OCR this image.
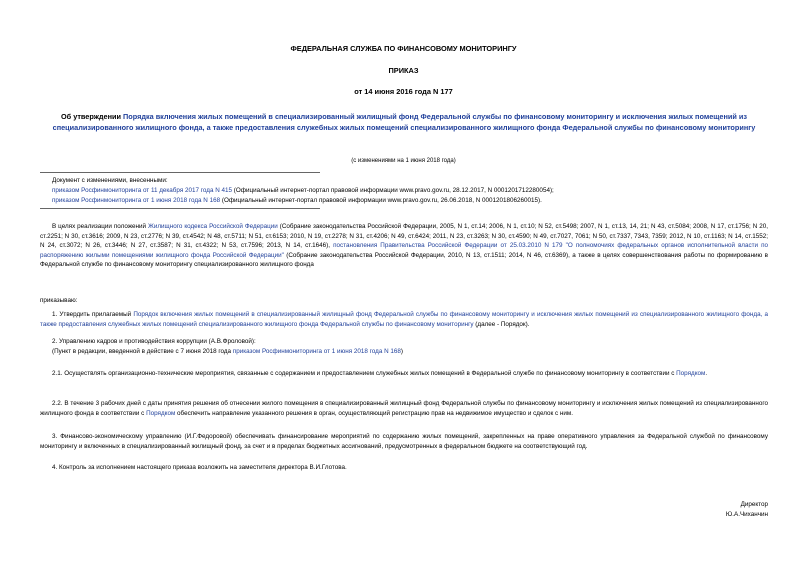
ФЕДЕРАЛЬНАЯ СЛУЖБА ПО ФИНАНСОВОМУ МОНИТОРИНГУ
ПРИКАЗ
от 14 июня 2016 года N 177
Об утверждении Порядка включения жилых помещений в специализированный жилищный фонд Федеральной службы по финансовому мониторингу и исключения жилых помещений из специализированного жилищного фонда, а также предоставления служебных жилых помещений специализированного жилищного фонда Федеральной службы по финансовому мониторингу
(с изменениями на 1 июня 2018 года)
Документ с изменениями, внесенными:
приказом Росфинмониторинга от 11 декабря 2017 года N 415 (Официальный интернет-портал правовой информации www.pravo.gov.ru, 28.12.2017, N 0001201712280054);
приказом Росфинмониторинга от 1 июня 2018 года N 168 (Официальный интернет-портал правовой информации www.pravo.gov.ru, 26.06.2018, N 0001201806260015).
В целях реализации положений Жилищного кодекса Российской Федерации (Собрание законодательства Российской Федерации, 2005, N 1, ст.14; 2006, N 1, ст.10; N 52, ст.5498; 2007, N 1, ст.13, 14, 21; N 43, ст.5084; 2008, N 17, ст.1756; N 20, ст.2251; N 30, ст.3616; 2009, N 23, ст.2776; N 39, ст.4542; N 48, ст.5711; N 51, ст.6153; 2010, N 19, ст.2278; N 31, ст.4206; N 49, ст.6424; 2011, N 23, ст.3263; N 30, ст.4590; N 49, ст.7027, 7061; N 50, ст.7337, 7343, 7359; 2012, N 10, ст.1163; N 14, ст.1552; N 24, ст.3072; N 26, ст.3446; N 27, ст.3587; N 31, ст.4322; N 53, ст.7596; 2013, N 14, ст.1646), постановления Правительства Российской Федерации от 25.03.2010 N 179 "О полномочиях федеральных органов исполнительной власти по распоряжению жилыми помещениями жилищного фонда Российской Федерации" (Собрание законодательства Российской Федерации, 2010, N 13, ст.1511; 2014, N 46, ст.6369), а также в целях совершенствования работы по формированию в Федеральной службе по финансовому мониторингу специализированного жилищного фонда
приказываю:
1. Утвердить прилагаемый Порядок включения жилых помещений в специализированный жилищный фонд Федеральной службы по финансовому мониторингу и исключения жилых помещений из специализированного жилищного фонда, а также предоставления служебных жилых помещений специализированного жилищного фонда Федеральной службы по финансовому мониторингу (далее - Порядок).
2. Управлению кадров и противодействия коррупции (А.В.Фроловой):
(Пункт в редакции, введенной в действие с 7 июня 2018 года приказом Росфинмониторинга от 1 июня 2018 года N 168)
2.1. Осуществлять организационно-технические мероприятия, связанные с содержанием и предоставлением служебных жилых помещений в Федеральной службе по финансовому мониторингу в соответствии с Порядком.
2.2. В течение 3 рабочих дней с даты принятия решения об отнесении жилого помещения в специализированный жилищный фонд Федеральной службы по финансовому мониторингу и исключения жилых помещений из специализированного жилищного фонда в соответствии с Порядком обеспечить направление указанного решения в орган, осуществляющий регистрацию прав на недвижимое имущество и сделок с ним.
3. Финансово-экономическому управлению (И.Г.Федоровой) обеспечивать финансирование мероприятий по содержанию жилых помещений, закрепленных на праве оперативного управления за Федеральной службой по финансовому мониторингу и включенных в специализированный жилищный фонд, за счет и в пределах бюджетных ассигнований, предусмотренных в федеральном бюджете на соответствующий год.
4. Контроль за исполнением настоящего приказа возложить на заместителя директора В.И.Глотова.
Директор
Ю.А.Чиханчин
